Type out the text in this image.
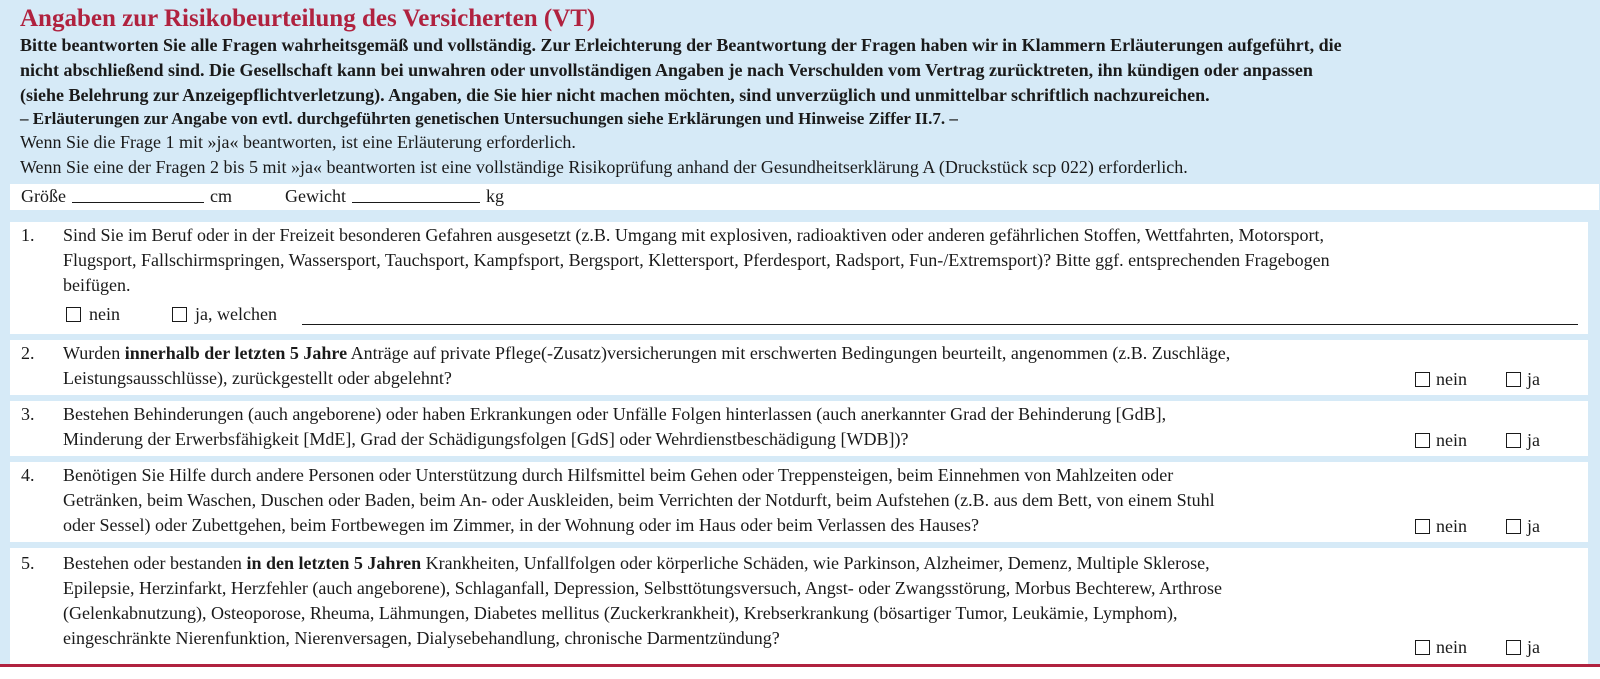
Angaben zur Risikobeurteilung des Versicherten (VT)

Bitte beantworten Sie alle Fragen wahrheitsgemäß und vollständig. Zur Erleichterung der Beantwortung der Fragen haben wir in Klammern Erläuterungen aufgeführt, die

nicht abschließend sind. Die Gesellschaft kann bei unwahren oder unvollständigen Angaben je nach Verschulden vom Vertrag zurücktreten, ihn kündigen oder anpassen

(siehe Belehrung zur Anzeigepflichtverletzung). Angaben, die Sie hier nicht machen möchten, sind unverzüglich und unmittelbar schriftlich nachzureichen.

– Erläuterungen zur Angabe von evtl. durchgeführten genetischen Untersuchungen siehe Erklärungen und Hinweise Ziffer II.7. –

Wenn Sie die Frage 1 mit »ja« beantworten, ist eine Erläuterung erforderlich.

Wenn Sie eine der Fragen 2 bis 5 mit »ja« beantworten ist eine vollständige Risikoprüfung anhand der Gesundheitserklärung A (Druckstück scp 022) erforderlich.

Größe	cm	Gewicht	kg
1. Sind Sie im Beruf oder in der Freizeit besonderen Gefahren ausgesetzt (z.B. Umgang mit explosiven, radioaktiven oder anderen gefährlichen Stoffen, Wettfahrten, Motorsport,
Flugsport, Fallschirmspringen, Wassersport, Tauchsport, Kampfsport, Bergsport, Klettersport, Pferdesport, Radsport, Fun-/Extremsport)? Bitte ggf. entsprechenden Fragebogen
beifügen.
nein	ja, welchen
2. Wurden innerhalb der letzten 5 Jahre Anträge auf private Pflege(-Zusatz)versicherungen mit erschwerten Bedingungen beurteilt, angenommen (z.B. Zuschläge,
Leistungsausschlüsse), zurückgestellt oder abgelehnt?	nein	ja
3. Bestehen Behinderungen (auch angeborene) oder haben Erkrankungen oder Unfälle Folgen hinterlassen (auch anerkannter Grad der Behinderung [GdB],
Minderung der Erwerbsfähigkeit [MdE], Grad der Schädigungsfolgen [GdS] oder Wehrdienstbeschädigung [WDB])?	nein	ja
4. Benötigen Sie Hilfe durch andere Personen oder Unterstützung durch Hilfsmittel beim Gehen oder Treppensteigen, beim Einnehmen von Mahlzeiten oder
Getränken, beim Waschen, Duschen oder Baden, beim An- oder Auskleiden, beim Verrichten der Notdurft, beim Aufstehen (z.B. aus dem Bett, von einem Stuhl
oder Sessel) oder Zubettgehen, beim Fortbewegen im Zimmer, in der Wohnung oder im Haus oder beim Verlassen des Hauses?	nein	ja
5. Bestehen oder bestanden in den letzten 5 Jahren Krankheiten, Unfallfolgen oder körperliche Schäden, wie Parkinson, Alzheimer, Demenz, Multiple Sklerose,
Epilepsie, Herzinfarkt, Herzfehler (auch angeborene), Schlaganfall, Depression, Selbsttötungsversuch, Angst- oder Zwangsstörung, Morbus Bechterew, Arthrose
(Gelenkabnutzung), Osteoporose, Rheuma, Lähmungen, Diabetes mellitus (Zuckerkrankheit), Krebserkrankung (bösartiger Tumor, Leukämie, Lymphom),
eingeschränkte Nierenfunktion, Nierenversagen, Dialysebehandlung, chronische Darmentzündung?	nein	ja
